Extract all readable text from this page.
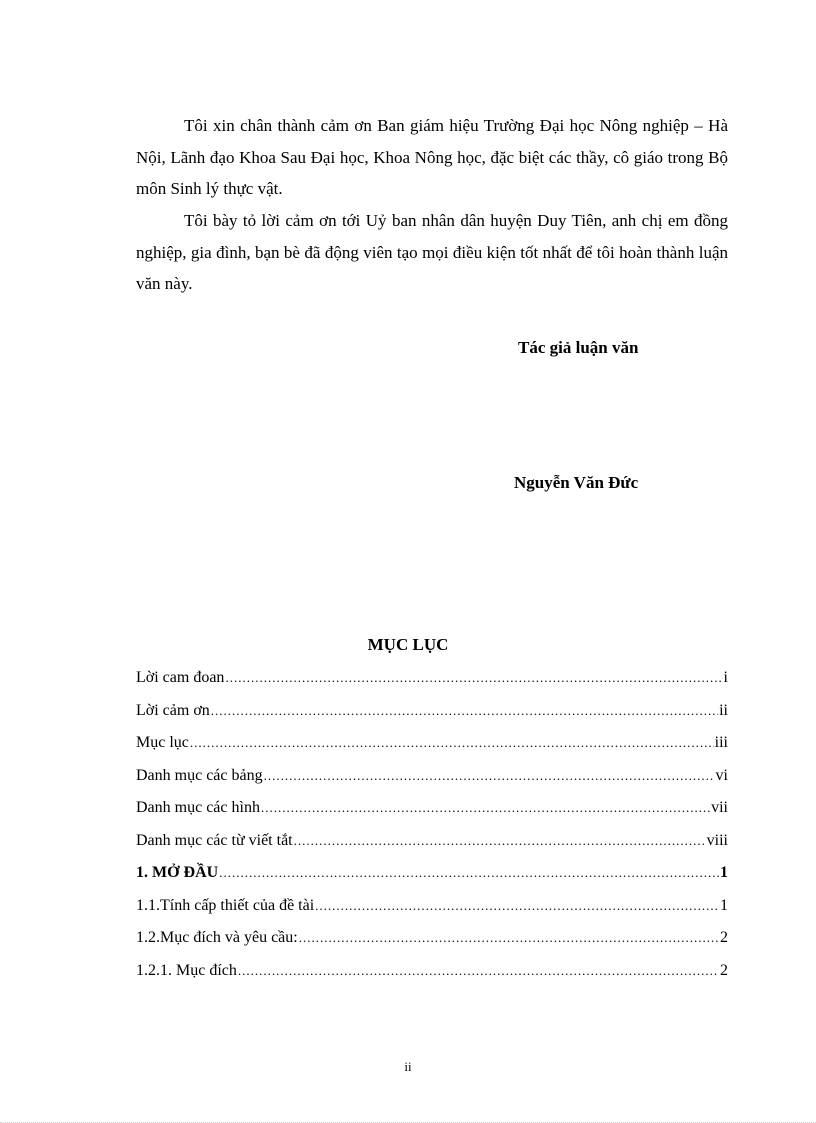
Tôi xin chân thành cảm ơn Ban giám hiệu Trường Đại học Nông nghiệp – Hà Nội, Lãnh đạo Khoa Sau Đại học, Khoa Nông học, đặc biệt các thầy, cô giáo trong Bộ môn Sinh lý thực vật.

Tôi bày tỏ lời cảm ơn tới Uỷ ban nhân dân huyện Duy Tiên, anh chị em đồng nghiệp, gia đình, bạn bè đã động viên tạo mọi điều kiện tốt nhất để tôi hoàn thành luận văn này.

Tác giả luận văn
Nguyễn Văn Đức
MỤC LỤC
Lời cam đoan .....	i
Lời cảm ơn .....	ii
Mục lục .....	iii
Danh mục các bảng .....	vi
Danh mục các hình .....	vii
Danh mục các từ viết tắt .....	viii
1. MỞ ĐẦU .....	1
1.1.Tính cấp thiết của đề tài .....	1
1.2.Mục đích và yêu cầu: .....	2
1.2.1. Mục đích .....	2
ii
